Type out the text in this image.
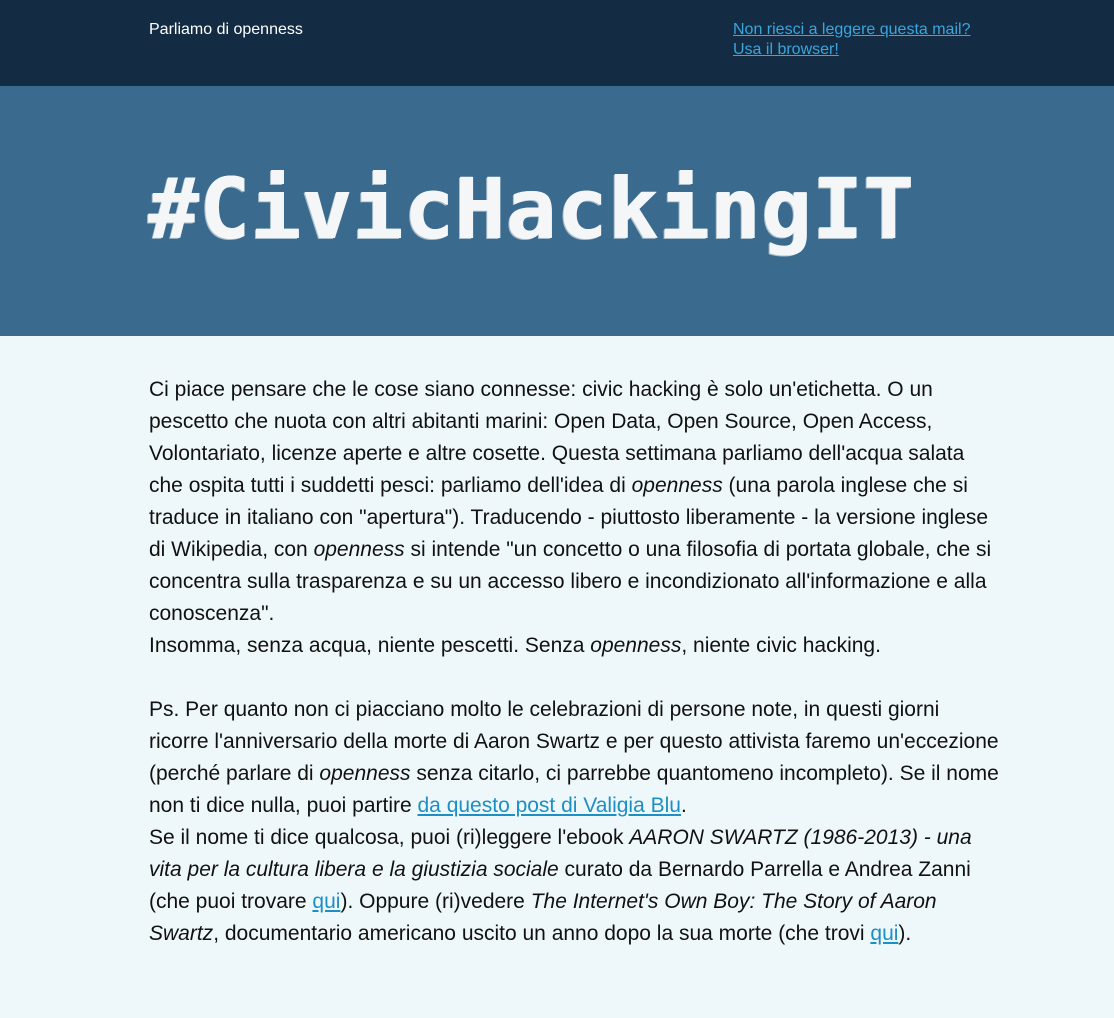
Parliamo di openness	Non riesci a leggere questa mail?
Usa il browser!
#CivicHackingIT

Ci piace pensare che le cose siano connesse: civic hacking è solo un'etichetta. O un pescetto che nuota con altri abitanti marini: Open Data, Open Source, Open Access, Volontariato, licenze aperte e altre cosette. Questa settimana parliamo dell'acqua salata che ospita tutti i suddetti pesci: parliamo dell'idea di openness (una parola inglese che si traduce in italiano con "apertura"). Traducendo - piuttosto liberamente - la versione inglese di Wikipedia, con openness si intende "un concetto o una filosofia di portata globale, che si concentra sulla trasparenza e su un accesso libero e incondizionato all'informazione e alla conoscenza".
Insomma, senza acqua, niente pescetti. Senza openness, niente civic hacking.

Ps. Per quanto non ci piacciano molto le celebrazioni di persone note, in questi giorni ricorre l'anniversario della morte di Aaron Swartz e per questo attivista faremo un'eccezione (perché parlare di openness senza citarlo, ci parrebbe quantomeno incompleto). Se il nome non ti dice nulla, puoi partire da questo post di Valigia Blu.
Se il nome ti dice qualcosa, puoi (ri)leggere l'ebook AARON SWARTZ (1986-2013) - una vita per la cultura libera e la giustizia sociale curato da Bernardo Parrella e Andrea Zanni (che puoi trovare qui). Oppure (ri)vedere The Internet's Own Boy: The Story of Aaron Swartz, documentario americano uscito un anno dopo la sua morte (che trovi qui).
